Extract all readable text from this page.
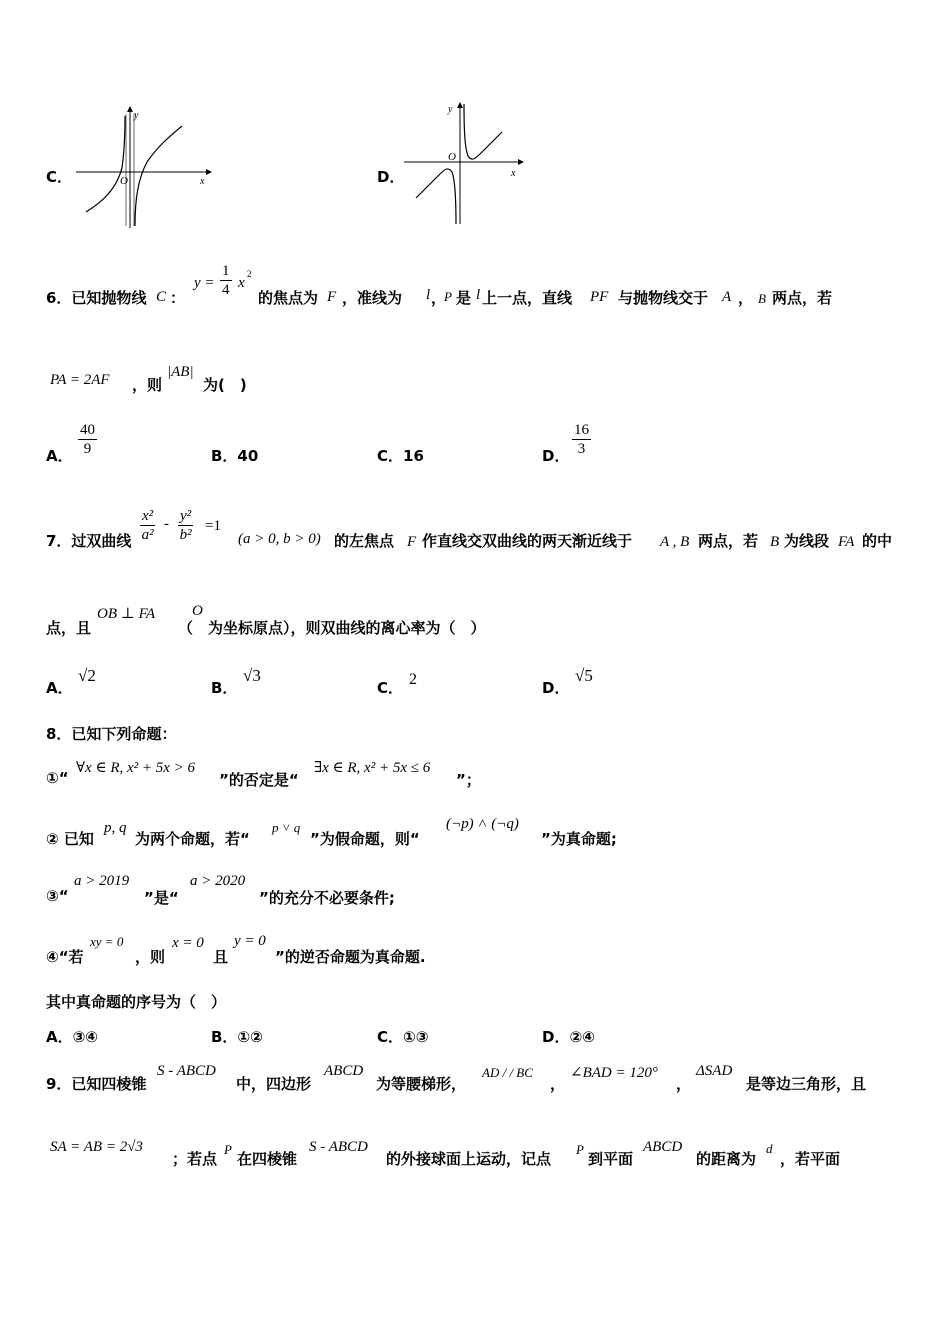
C．	x
y
O	D．	x
y
O
6．已知抛物线 C ：
$y = \frac{1}{4}$ x
2
的焦点为 F ，准线为 l ，
P 是 l 上一点，直线 PF 与抛物线交于 A ， B 两点，若
PA = 2AF ，则
|AB|
为(　)
A． $\frac{40}{9}$	B．40	C．16	D． $\frac{16}{3}$
7．过双曲线 $\frac{\text{x²}}{\text{a²}} - \frac{\text{y²}}{\text{b²}} =1$
(a > 0, b > 0) 的左焦点 F 作直线交双曲线的两天渐近线于 A , B 两点，若 B 为线段 FA 的中
点，且
OB ⊥ FA
（
O
为坐标原点），则双曲线的离心率为（　）
A．
√2
B．
√3
C． 2	D．
√5
8．已知下列命题：
①“
∀x ∈ R, x² + 5x > 6
”的否定是“
∃x ∈ R, x² + 5x ≤ 6
”；
② 已知
p, q
为两个命题，若“
p ˅ q
”为假命题，则“
(¬p) ˄ (¬q)
”为真命题;
③“
a > 2019
”是“
a > 2020
”的充分不必要条件;
④“若
xy = 0
，则
x = 0
且
y = 0
”的逆否命题为真命题.
其中真命题的序号为（　）
A．③④	B．①②	C．①③	D．②④
9．已知四棱锥
S - ABCD
中，四边形
ABCD
为等腰梯形，
AD / / BC
，
∠BAD = 120°
，
ΔSAD
是等边三角形，且
SA = AB = 2√3
；若点
P
在四棱锥
S - ABCD
的外接球面上运动，记点
P
到平面
ABCD
的距离为
d
，若平面
